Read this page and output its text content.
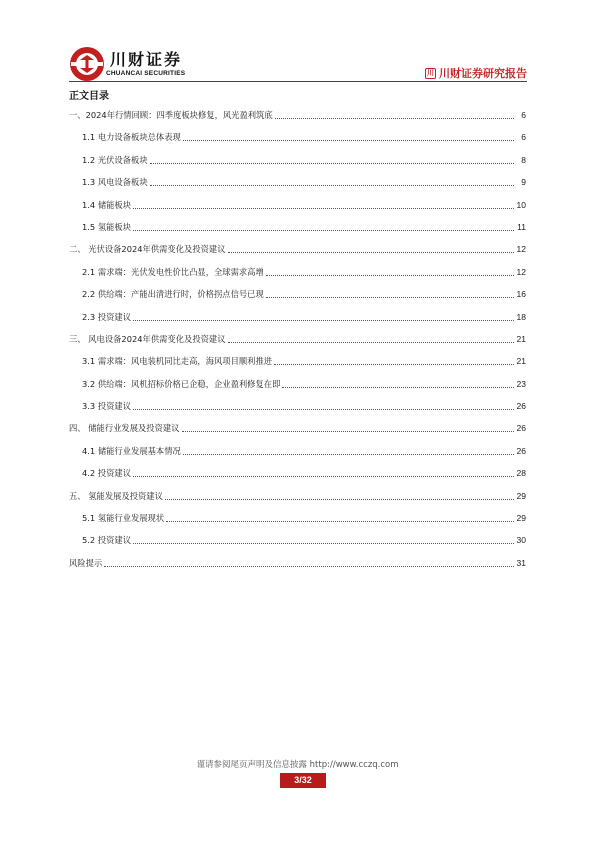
川财证券
CHUANCAI SECURITIES	川 川财证券研究报告
正文目录
一、2024年行情回顾：四季度板块修复，风光盈利筑底	6
1.1 电力设备板块总体表现	6
1.2 光伏设备板块	8
1.3 风电设备板块	9
1.4 储能板块	10
1.5 氢能板块	11
二、 光伏设备2024年供需变化及投资建议	12
2.1 需求端：光伏发电性价比凸显，全球需求高增	12
2.2 供给端：产能出清进行时，价格拐点信号已现	16
2.3 投资建议	18
三、 风电设备2024年供需变化及投资建议	21
3.1 需求端：风电装机同比走高，海风项目顺利推进	21
3.2 供给端：风机招标价格已企稳，企业盈利修复在即	23
3.3 投资建议	26
四、 储能行业发展及投资建议	26
4.1 储能行业发展基本情况	26
4.2 投资建议	28
五、 氢能发展及投资建议	29
5.1 氢能行业发展现状	29
5.2 投资建议	30
风险提示	31
谨请参阅尾页声明及信息披露 http://www.cczq.com
3/32
